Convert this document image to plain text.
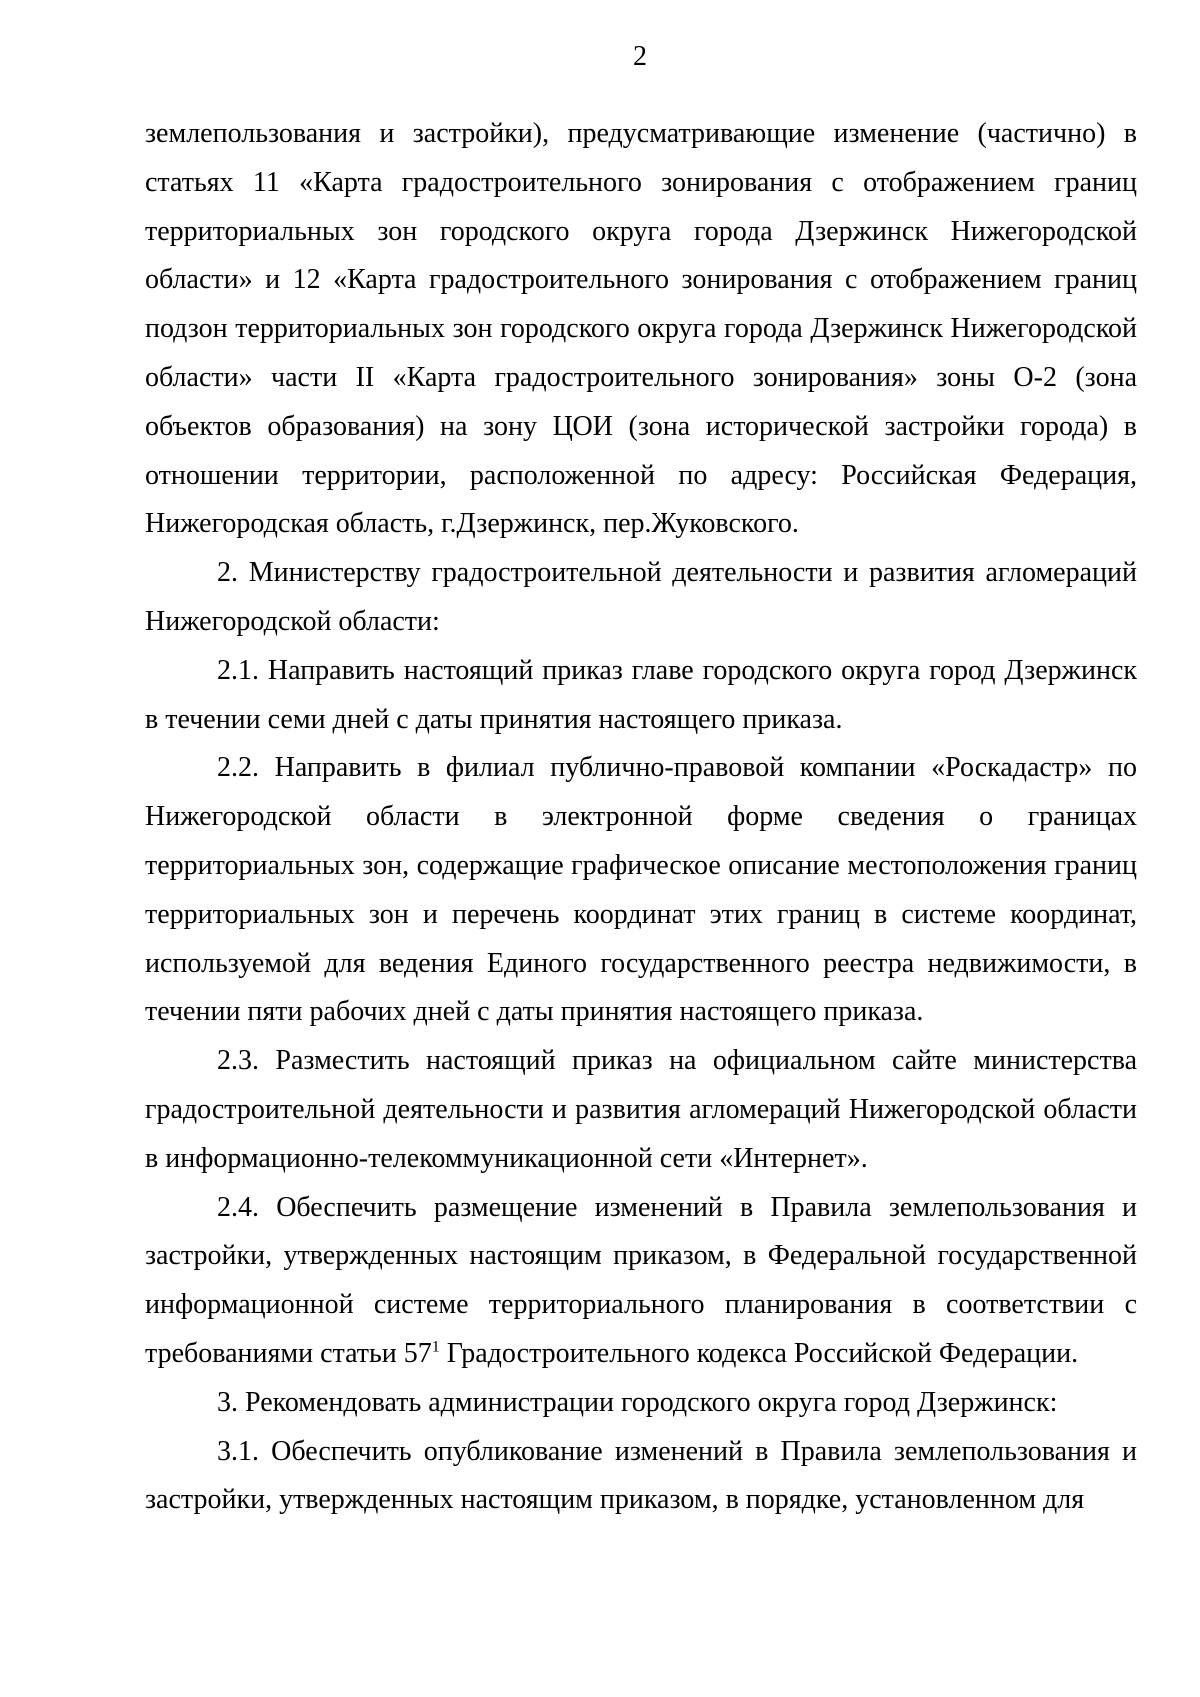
2

землепользования и застройки), предусматривающие изменение (частично) в статьях 11 «Карта градостроительного зонирования с отображением границ территориальных зон городского округа города Дзержинск Нижегородской области» и 12 «Карта градостроительного зонирования с отображением границ подзон территориальных зон городского округа города Дзержинск Нижегородской области» части II «Карта градостроительного зонирования» зоны О-2 (зона объектов образования) на зону ЦОИ (зона исторической застройки города) в отношении территории, расположенной по адресу: Российская Федерация, Нижегородская область, г.Дзержинск, пер.Жуковского.

2. Министерству градостроительной деятельности и развития агломераций Нижегородской области:

2.1. Направить настоящий приказ главе городского округа город Дзержинск в течении семи дней с даты принятия настоящего приказа.

2.2. Направить в филиал публично-правовой компании «Роскадастр» по Нижегородской области в электронной форме сведения о границах территориальных зон, содержащие графическое описание местоположения границ территориальных зон и перечень координат этих границ в системе координат, используемой для ведения Единого государственного реестра недвижимости, в течении пяти рабочих дней с даты принятия настоящего приказа.

2.3. Разместить настоящий приказ на официальном сайте министерства градостроительной деятельности и развития агломераций Нижегородской области в информационно-телекоммуникационной сети «Интернет».

2.4. Обеспечить размещение изменений в Правила землепользования и застройки, утвержденных настоящим приказом, в Федеральной государственной информационной системе территориального планирования в соответствии с требованиями статьи $57^1$ Градостроительного кодекса Российской Федерации.

3. Рекомендовать администрации городского округа город Дзержинск:

3.1. Обеспечить опубликование изменений в Правила землепользования и застройки, утвержденных настоящим приказом, в порядке, установленном для
